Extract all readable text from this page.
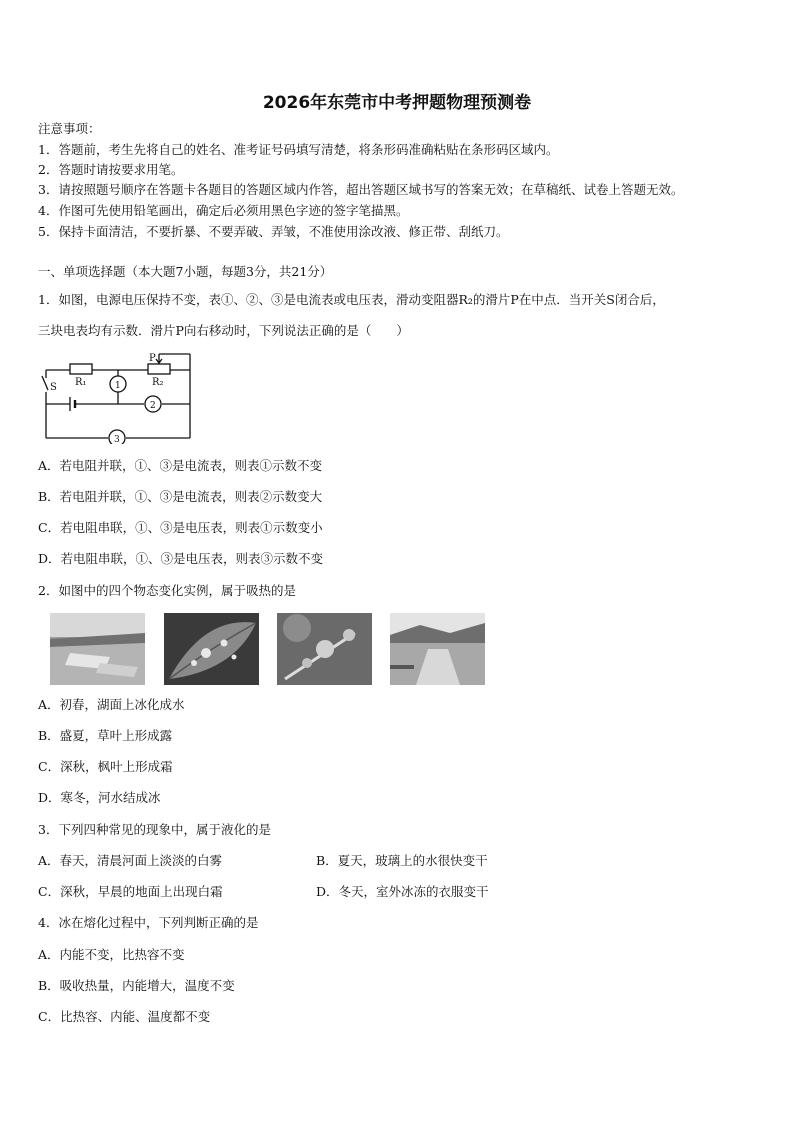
2026年东莞市中考押题物理预测卷
注意事项：
1．答题前，考生先将自己的姓名、准考证号码填写清楚，将条形码准确粘贴在条形码区域内。
2．答题时请按要求用笔。
3．请按照题号顺序在答题卡各题目的答题区域内作答，超出答题区域书写的答案无效；在草稿纸、试卷上答题无效。
4．作图可先使用铅笔画出，确定后必须用黑色字迹的签字笔描黑。
5．保持卡面清洁，不要折暴、不要弄破、弄皱，不准使用涂改液、修正带、刮纸刀。
一、单项选择题（本大题7小题，每题3分，共21分）
1．如图，电源电压保持不变，表①、②、③是电流表或电压表，滑动变阻器R₂的滑片P在中点．当开关S闭合后，
三块电表均有示数．滑片P向右移动时，下列说法正确的是（　　）
P
R₁	R₂
S	1
2
3
A．若电阻并联，①、③是电流表，则表①示数不变
B．若电阻并联，①、③是电流表，则表②示数变大
C．若电阻串联，①、③是电压表，则表①示数变小
D．若电阻串联，①、③是电压表，则表③示数不变
2．如图中的四个物态变化实例，属于吸热的是
A．初春，湖面上冰化成水
B．盛夏，草叶上形成露
C．深秋，枫叶上形成霜
D．寒冬，河水结成冰
3．下列四种常见的现象中，属于液化的是
A．春天，清晨河面上淡淡的白雾	B．夏天，玻璃上的水很快变干
C．深秋，早晨的地面上出现白霜	D．冬天，室外冰冻的衣服变干
4．冰在熔化过程中，下列判断正确的是
A．内能不变，比热容不变
B．吸收热量，内能增大，温度不变
C．比热容、内能、温度都不变
